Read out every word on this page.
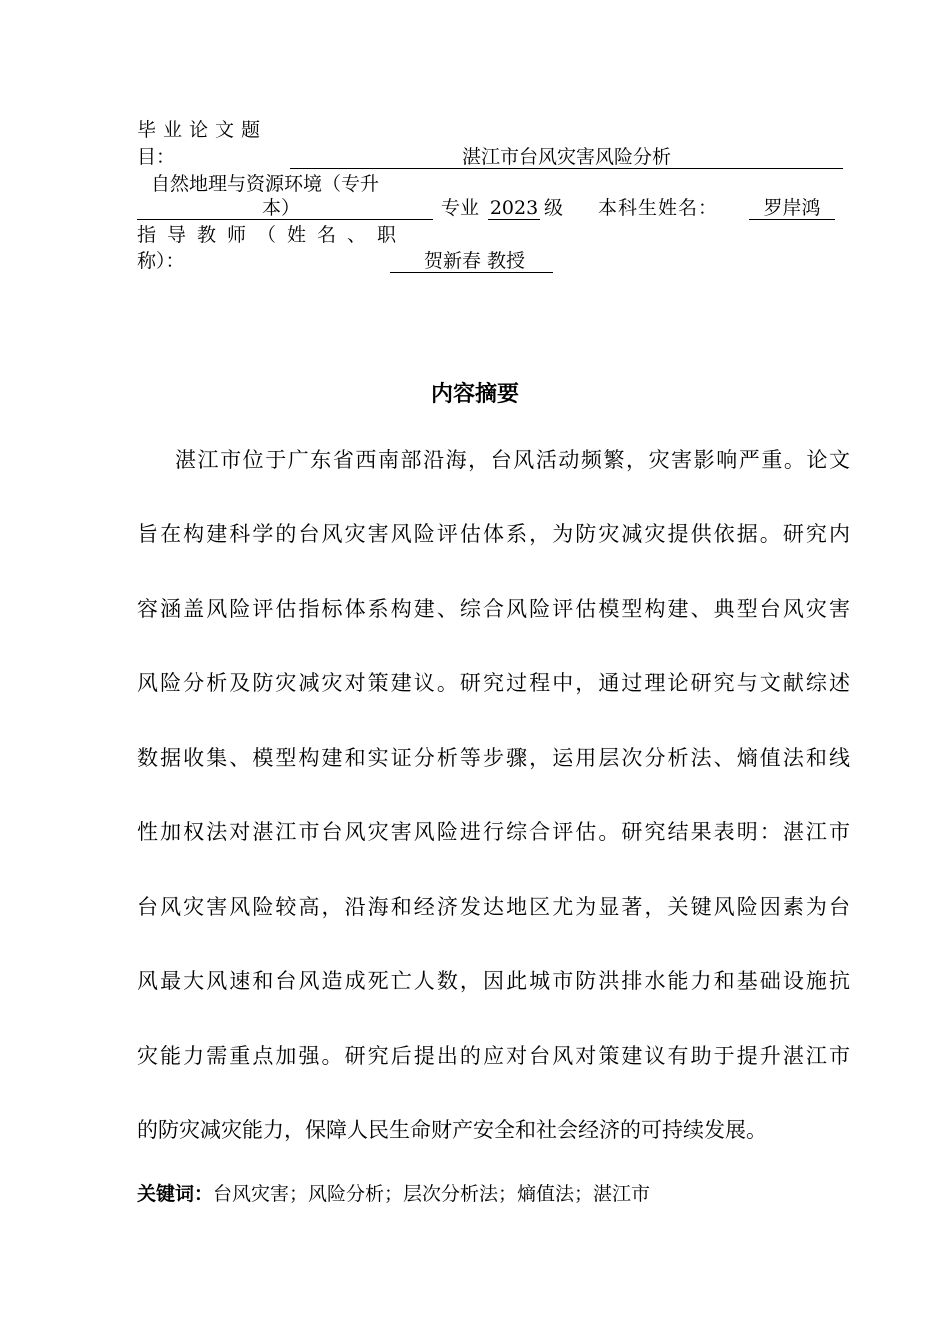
毕业论文题
目：	湛江市台风灾害风险分析
自然地理与资源环境（专升
本）	专业 2023 级 本科生姓名：	罗岸鸿
指导教师（姓名、职
称）：	贺新春 教授
内容摘要
湛江市位于广东省西南部沿海，台风活动频繁，灾害影响严重。论文
旨在构建科学的台风灾害风险评估体系，为防灾减灾提供依据。研究内
容涵盖风险评估指标体系构建、综合风险评估模型构建、典型台风灾害
风险分析及防灾减灾对策建议。研究过程中，通过理论研究与文献综述
数据收集、模型构建和实证分析等步骤，运用层次分析法、熵值法和线
性加权法对湛江市台风灾害风险进行综合评估。研究结果表明：湛江市
台风灾害风险较高，沿海和经济发达地区尤为显著，关键风险因素为台
风最大风速和台风造成死亡人数，因此城市防洪排水能力和基础设施抗
灾能力需重点加强。研究后提出的应对台风对策建议有助于提升湛江市
的防灾减灾能力，保障人民生命财产安全和社会经济的可持续发展。
关键词：台风灾害；风险分析；层次分析法；熵值法；湛江市
